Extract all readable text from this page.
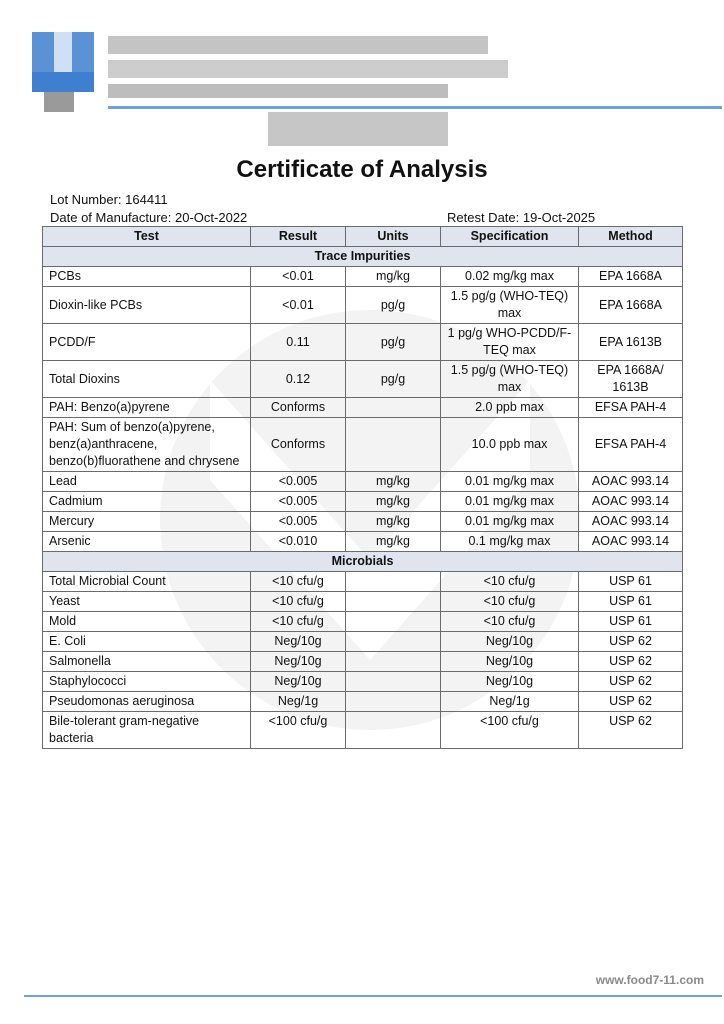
Certificate of Analysis
Lot Number: 164411
Date of Manufacture: 20-Oct-2022	Retest Date: 19-Oct-2025
Test	Result	Units	Specification	Method
Trace Impurities				
PCBs	<0.01	mg/kg	0.02 mg/kg max	EPA 1668A
Dioxin-like PCBs	<0.01	pg/g	1.5 pg/g (WHO-TEQ) max	EPA 1668A
PCDD/F	0.11	pg/g	1 pg/g WHO-PCDD/F-TEQ max	EPA 1613B
Total Dioxins	0.12	pg/g	1.5 pg/g (WHO-TEQ) max	EPA 1668A/ 1613B
PAH: Benzo(a)pyrene	Conforms		2.0 ppb max	EFSA PAH-4
PAH: Sum of benzo(a)pyrene, benz(a)anthracene, benzo(b)fluorathene and chrysene	Conforms		10.0 ppb max	EFSA PAH-4
Lead	<0.005	mg/kg	0.01 mg/kg max	AOAC 993.14
Cadmium	<0.005	mg/kg	0.01 mg/kg max	AOAC 993.14
Mercury	<0.005	mg/kg	0.01 mg/kg max	AOAC 993.14
Arsenic	<0.010	mg/kg	0.1 mg/kg max	AOAC 993.14
Microbials				
Total Microbial Count	<10 cfu/g		<10 cfu/g	USP 61
Yeast	<10 cfu/g		<10 cfu/g	USP 61
Mold	<10 cfu/g		<10 cfu/g	USP 61
E. Coli	Neg/10g		Neg/10g	USP 62
Salmonella	Neg/10g		Neg/10g	USP 62
Staphylococci	Neg/10g		Neg/10g	USP 62
Pseudomonas aeruginosa	Neg/1g		Neg/1g	USP 62
Bile-tolerant gram-negative bacteria	<100 cfu/g		<100 cfu/g	USP 62
www.food7-11.com
